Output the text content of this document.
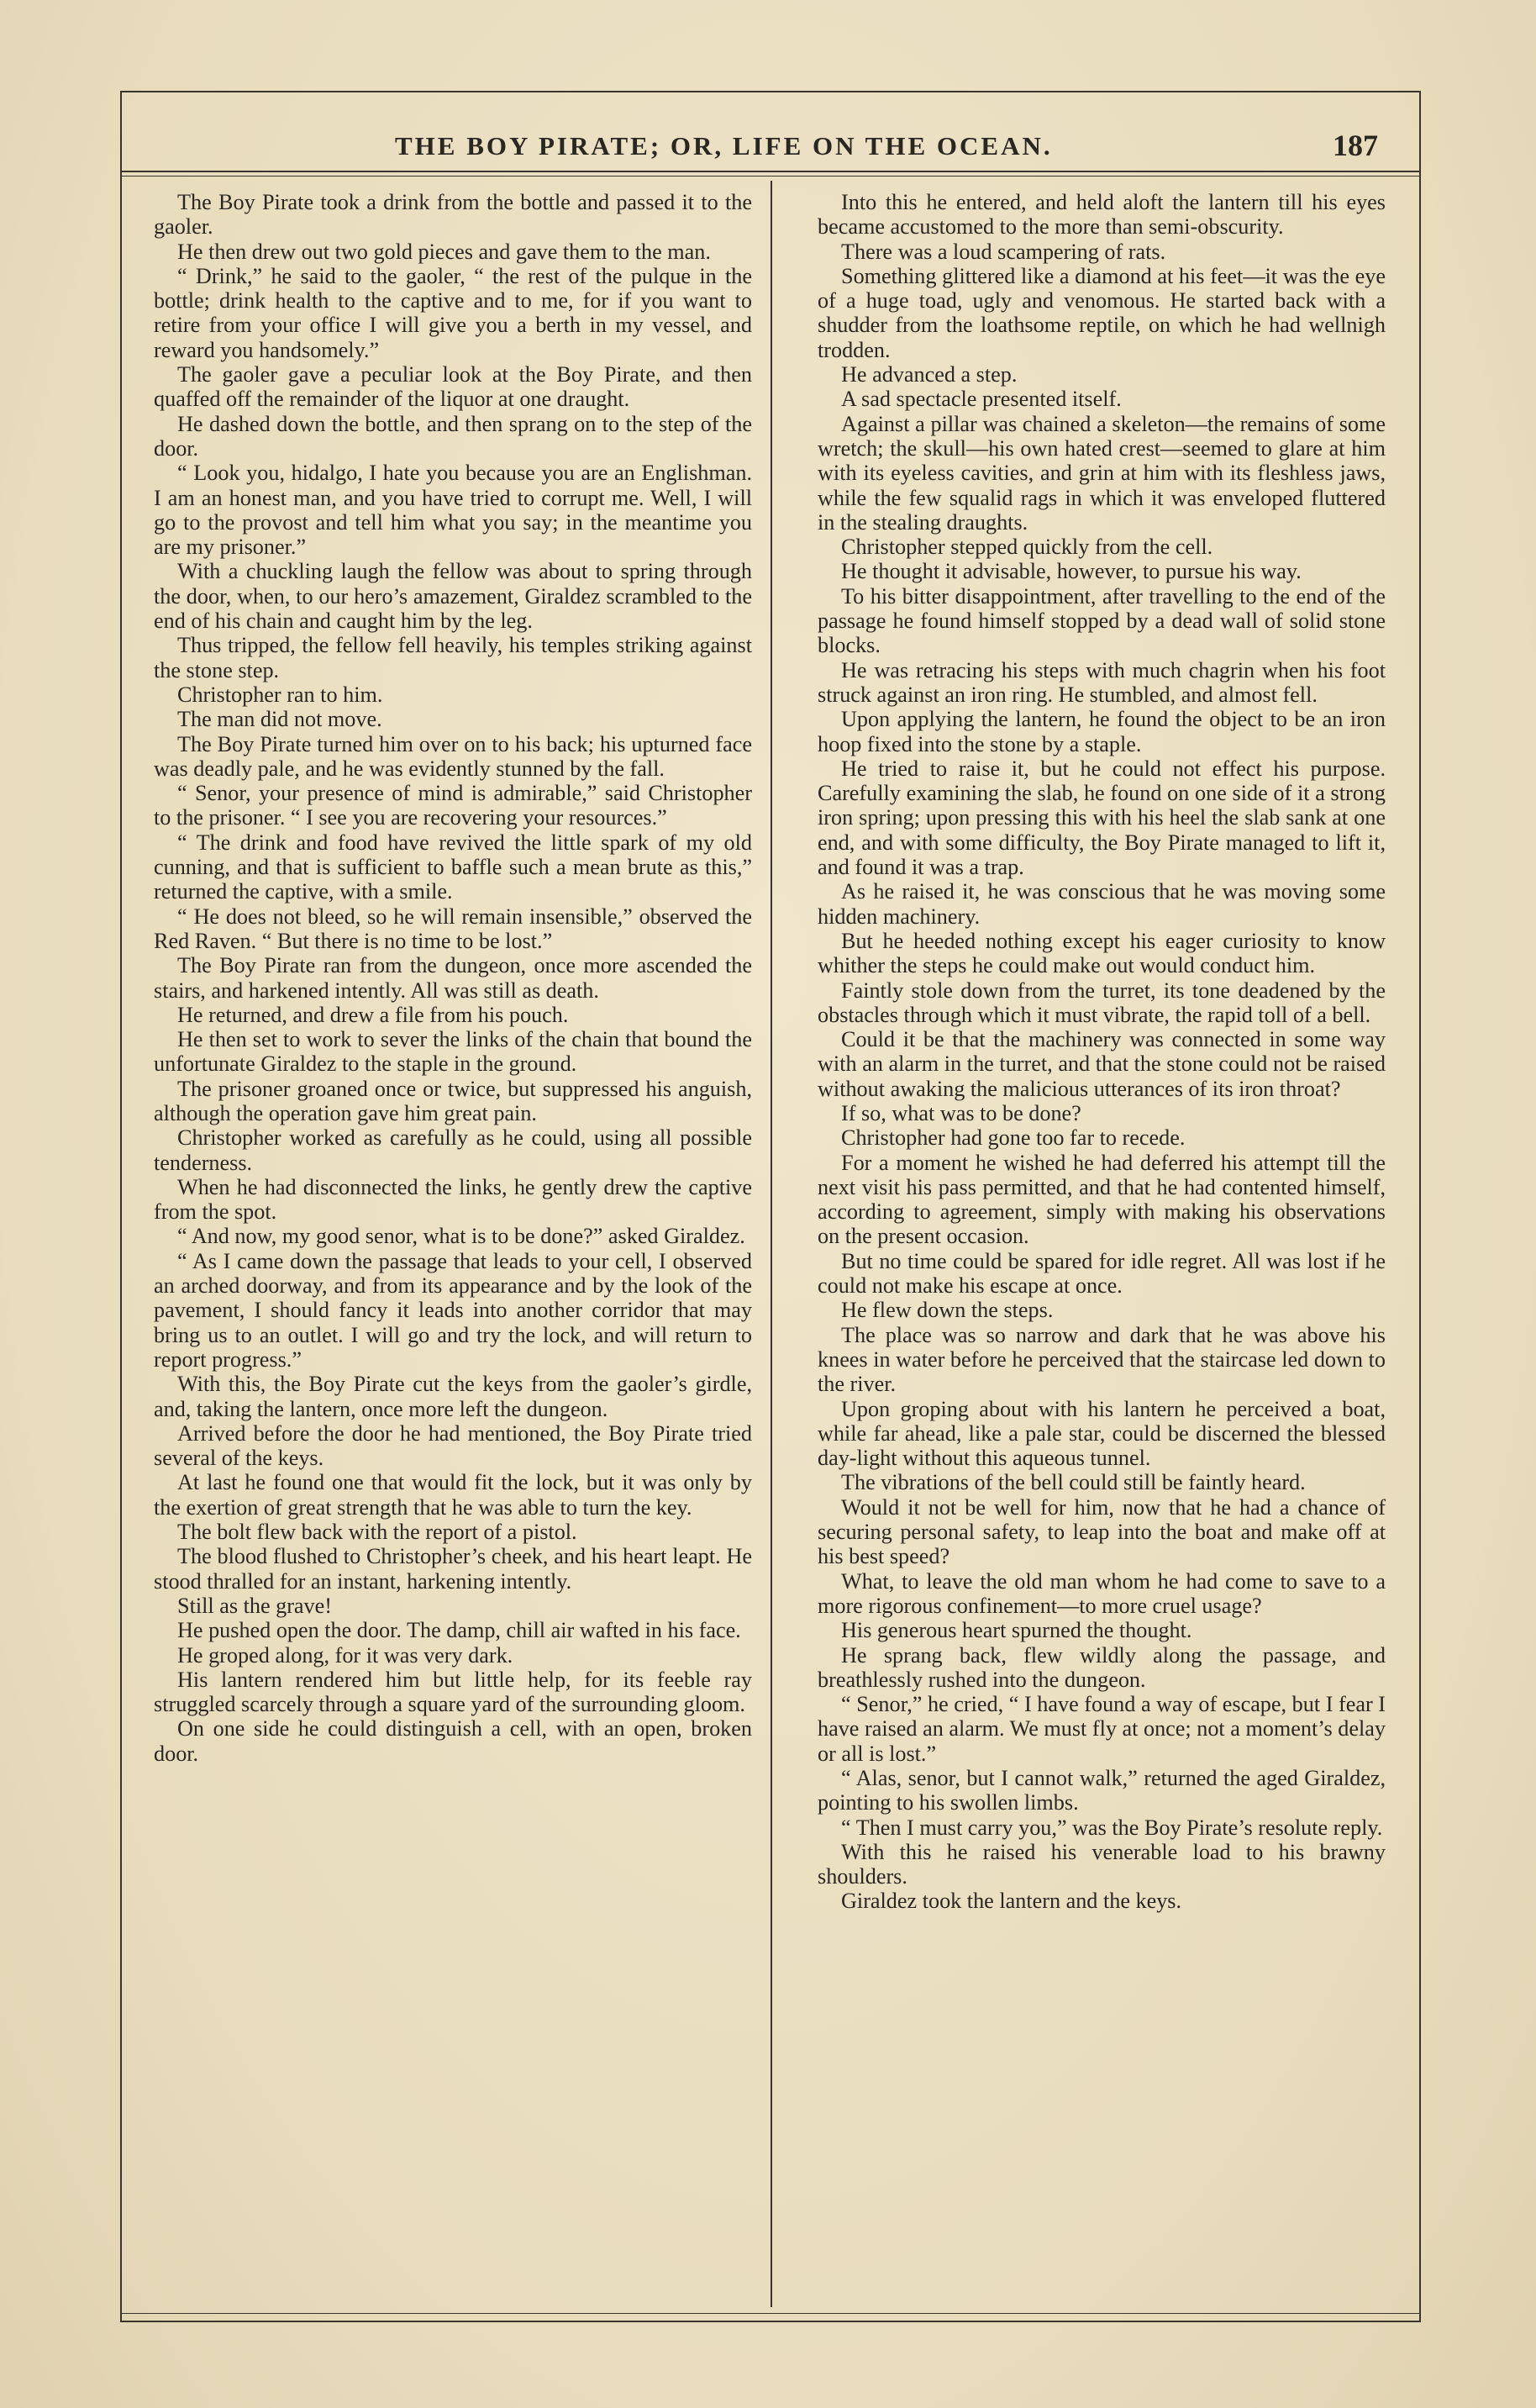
THE BOY PIRATE; OR, LIFE ON THE OCEAN.	187

The Boy Pirate took a drink from the bottle and passed it to the gaoler.

He then drew out two gold pieces and gave them to the man.

“ Drink,” he said to the gaoler, “ the rest of the pulque in the bottle; drink health to the captive and to me, for if you want to retire from your office I will give you a berth in my vessel, and reward you handsomely.”

The gaoler gave a peculiar look at the Boy Pirate, and then quaffed off the remainder of the liquor at one draught.

He dashed down the bottle, and then sprang on to the step of the door.

“ Look you, hidalgo, I hate you because you are an Englishman. I am an honest man, and you have tried to corrupt me. Well, I will go to the provost and tell him what you say; in the meantime you are my prisoner.”

With a chuckling laugh the fellow was about to spring through the door, when, to our hero’s amazement, Giraldez scrambled to the end of his chain and caught him by the leg.

Thus tripped, the fellow fell heavily, his temples striking against the stone step.

Christopher ran to him.

The man did not move.

The Boy Pirate turned him over on to his back; his upturned face was deadly pale, and he was evidently stunned by the fall.

“ Senor, your presence of mind is admirable,” said Christopher to the prisoner. “ I see you are recovering your resources.”

“ The drink and food have revived the little spark of my old cunning, and that is sufficient to baffle such a mean brute as this,” returned the captive, with a smile.

“ He does not bleed, so he will remain insensible,” observed the Red Raven. “ But there is no time to be lost.”

The Boy Pirate ran from the dungeon, once more ascended the stairs, and harkened intently. All was still as death.

He returned, and drew a file from his pouch.

He then set to work to sever the links of the chain that bound the unfortunate Giraldez to the staple in the ground.

The prisoner groaned once or twice, but suppressed his anguish, although the operation gave him great pain.

Christopher worked as carefully as he could, using all possible tenderness.

When he had disconnected the links, he gently drew the captive from the spot.

“ And now, my good senor, what is to be done?” asked Giraldez.

“ As I came down the passage that leads to your cell, I observed an arched doorway, and from its appearance and by the look of the pavement, I should fancy it leads into another corridor that may bring us to an outlet. I will go and try the lock, and will return to report progress.”

With this, the Boy Pirate cut the keys from the gaoler’s girdle, and, taking the lantern, once more left the dungeon.

Arrived before the door he had mentioned, the Boy Pirate tried several of the keys.

At last he found one that would fit the lock, but it was only by the exertion of great strength that he was able to turn the key.

The bolt flew back with the report of a pistol.

The blood flushed to Christopher’s cheek, and his heart leapt. He stood thralled for an instant, harkening intently.

Still as the grave!

He pushed open the door. The damp, chill air wafted in his face.

He groped along, for it was very dark.

His lantern rendered him but little help, for its feeble ray struggled scarcely through a square yard of the surrounding gloom.

On one side he could distinguish a cell, with an open, broken door.

Into this he entered, and held aloft the lantern till his eyes became accustomed to the more than semi-obscurity.

There was a loud scampering of rats.

Something glittered like a diamond at his feet—it was the eye of a huge toad, ugly and venomous. He started back with a shudder from the loathsome reptile, on which he had wellnigh trodden.

He advanced a step.

A sad spectacle presented itself.

Against a pillar was chained a skeleton—the remains of some wretch; the skull—his own hated crest—seemed to glare at him with its eyeless cavities, and grin at him with its fleshless jaws, while the few squalid rags in which it was enveloped fluttered in the stealing draughts.

Christopher stepped quickly from the cell.

He thought it advisable, however, to pursue his way.

To his bitter disappointment, after travelling to the end of the passage he found himself stopped by a dead wall of solid stone blocks.

He was retracing his steps with much chagrin when his foot struck against an iron ring. He stumbled, and almost fell.

Upon applying the lantern, he found the object to be an iron hoop fixed into the stone by a staple.

He tried to raise it, but he could not effect his purpose. Carefully examining the slab, he found on one side of it a strong iron spring; upon pressing this with his heel the slab sank at one end, and with some difficulty, the Boy Pirate managed to lift it, and found it was a trap.

As he raised it, he was conscious that he was moving some hidden machinery.

But he heeded nothing except his eager curiosity to know whither the steps he could make out would conduct him.

Faintly stole down from the turret, its tone deadened by the obstacles through which it must vibrate, the rapid toll of a bell.

Could it be that the machinery was connected in some way with an alarm in the turret, and that the stone could not be raised without awaking the malicious utterances of its iron throat?

If so, what was to be done?

Christopher had gone too far to recede.

For a moment he wished he had deferred his attempt till the next visit his pass permitted, and that he had contented himself, according to agreement, simply with making his observations on the present occasion.

But no time could be spared for idle regret. All was lost if he could not make his escape at once.

He flew down the steps.

The place was so narrow and dark that he was above his knees in water before he perceived that the staircase led down to the river.

Upon groping about with his lantern he perceived a boat, while far ahead, like a pale star, could be discerned the blessed day-light without this aqueous tunnel.

The vibrations of the bell could still be faintly heard.

Would it not be well for him, now that he had a chance of securing personal safety, to leap into the boat and make off at his best speed?

What, to leave the old man whom he had come to save to a more rigorous confinement—to more cruel usage?

His generous heart spurned the thought.

He sprang back, flew wildly along the passage, and breathlessly rushed into the dungeon.

“ Senor,” he cried, “ I have found a way of escape, but I fear I have raised an alarm. We must fly at once; not a moment’s delay or all is lost.”

“ Alas, senor, but I cannot walk,” returned the aged Giraldez, pointing to his swollen limbs.

“ Then I must carry you,” was the Boy Pirate’s resolute reply.

With this he raised his venerable load to his brawny shoulders.

Giraldez took the lantern and the keys.
